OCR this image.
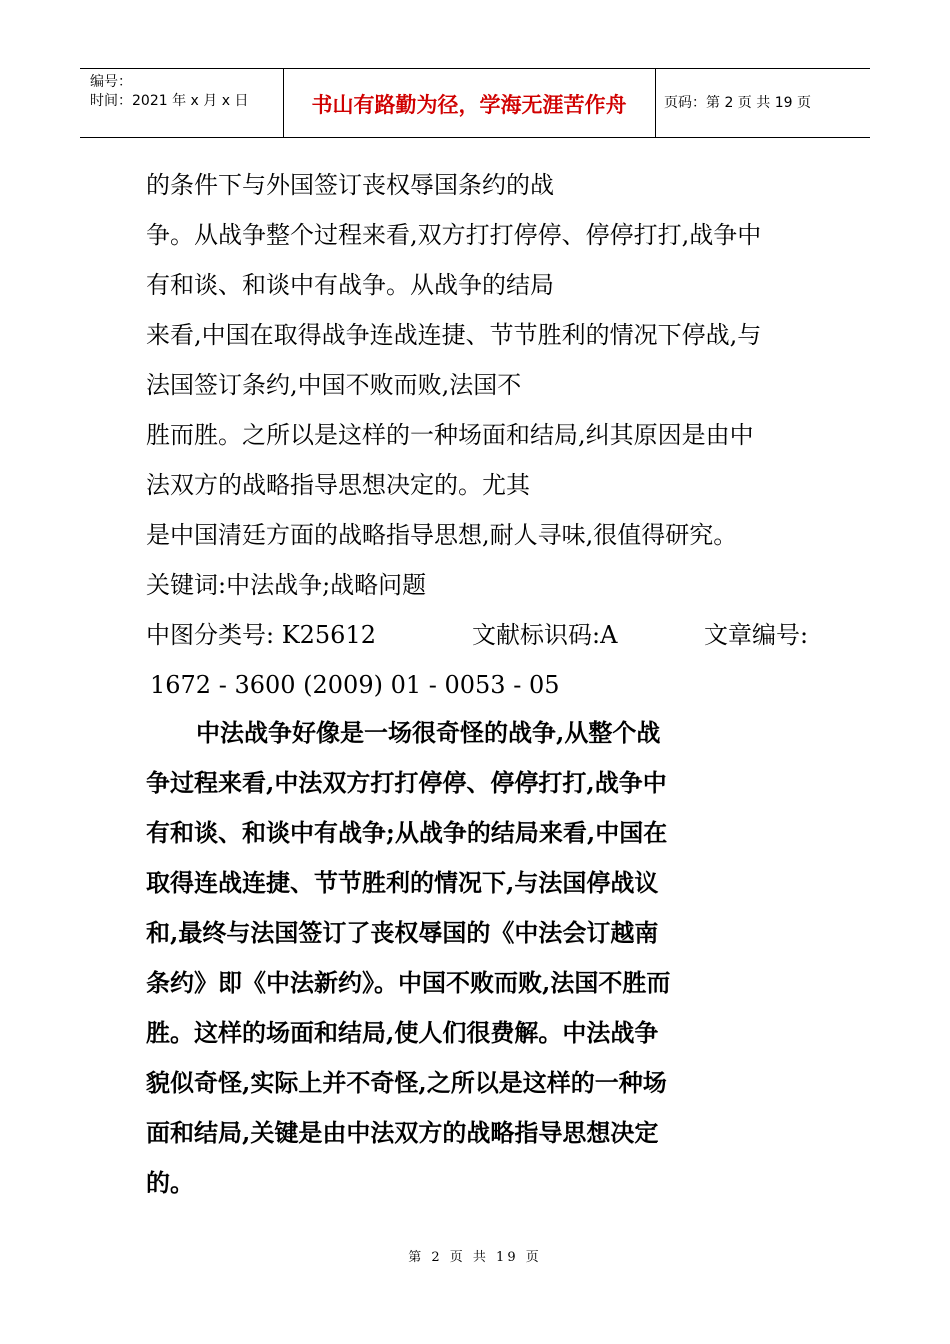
编号：
时间：2021 年 x 月 x 日	书山有路勤为径，学海无涯苦作舟	页码：第 2 页 共 19 页
的条件下与外国签订丧权辱国条约的战
争。从战争整个过程来看,双方打打停停、停停打打,战争中
有和谈、和谈中有战争。从战争的结局
来看,中国在取得战争连战连捷、节节胜利的情况下停战,与
法国签订条约,中国不败而败,法国不
胜而胜。之所以是这样的一种场面和结局,纠其原因是由中
法双方的战略指导思想决定的。尤其
是中国清廷方面的战略指导思想,耐人寻味,很值得研究。
关键词:中法战争;战略问题
中图分类号: K25612	文献标识码:A	文章编号:
1672 - 3600 (2009) 01 - 0053 - 05
中法战争好像是一场很奇怪的战争,从整个战
争过程来看,中法双方打打停停、停停打打,战争中
有和谈、和谈中有战争;从战争的结局来看,中国在
取得连战连捷、节节胜利的情况下,与法国停战议
和,最终与法国签订了丧权辱国的《中法会订越南
条约》即《中法新约》。中国不败而败,法国不胜而
胜。这样的场面和结局,使人们很费解。中法战争
貌似奇怪,实际上并不奇怪,之所以是这样的一种场
面和结局,关键是由中法双方的战略指导思想决定
的。
第 2 页 共 19 页
